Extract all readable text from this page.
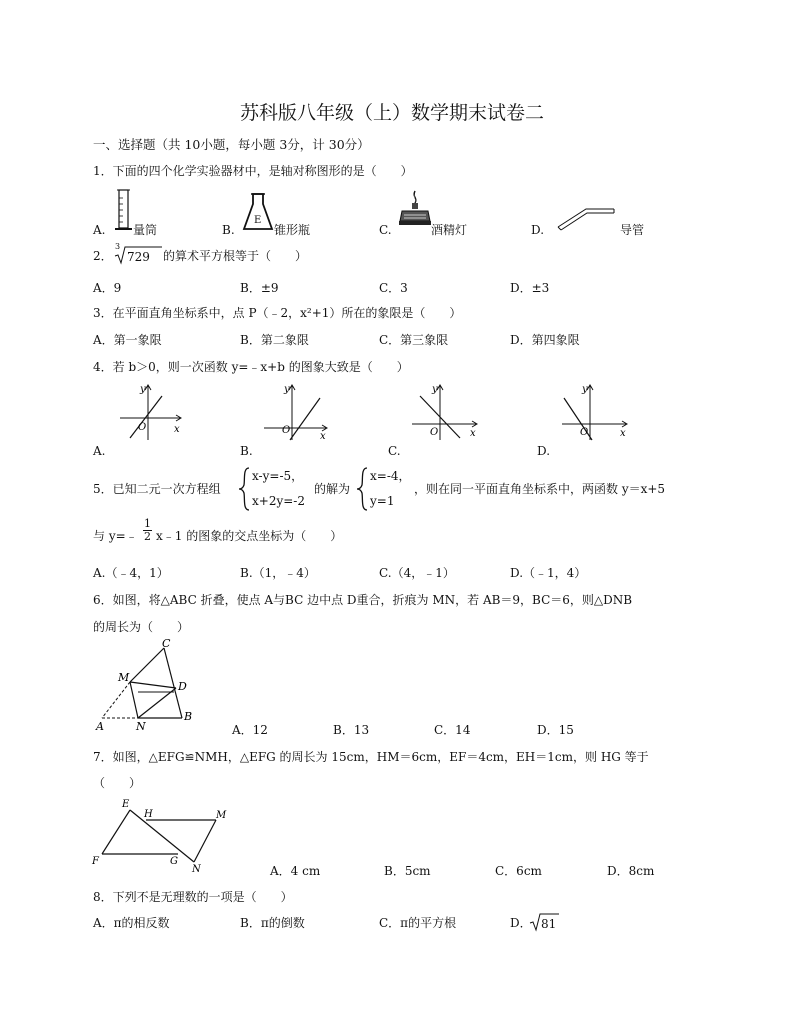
苏科版八年级（上）数学期末试卷二
一、选择题（共 10小题，每小题 3分，计 30分）
1．下面的四个化学实验器材中，是轴对称图形的是（　　）
A. 量筒	B.
E
锥形瓶	C.	酒精灯	D.	导管
2．
3
729 的算术平方根等于（　　）
A．9	B．±9	C．3	D．±3
3．在平面直角坐标系中，点 P（﹣2，x²+1）所在的象限是（　　）
A．第一象限	B．第二象限	C．第三象限	D．第四象限
4．若 b＞0，则一次函数 y=﹣x+b 的图象大致是（　　）
O	x
y
A.
O
x
y
B.
O	x
y
C.
O	x
y
D.
5．已知二元一次方程组
x-y=-5，
x+2y=-2
的解为
x=-4，
y=1
，则在同一平面直角坐标系中，两函数 y＝x+5
与 y=﹣ $\frac{1}{2}$ x﹣1 的图象的交点坐标为（　　）
A.（﹣4，1）	B.（1，﹣4）	C.（4，﹣1）	D.（﹣1，4）
6．如图，将△ABC 折叠，使点 A与BC 边中点 D重合，折痕为 MN，若 AB＝9，BC＝6，则△DNB
的周长为（　　）
C
M
D
A	N
B
A．12	B．13	C．14	D．15
7．如图，△EFG≌NMH，△EFG 的周长为 15cm，HM＝6cm，EF＝4cm，EH＝1cm，则 HG 等于
（　　）
E
H	M
F	G
N	A．4 cm	B．5cm	C．6cm	D．8cm
8．下列不是无理数的一项是（　　）
A．π的相反数	B．π的倒数	C．π的平方根	D． 81
